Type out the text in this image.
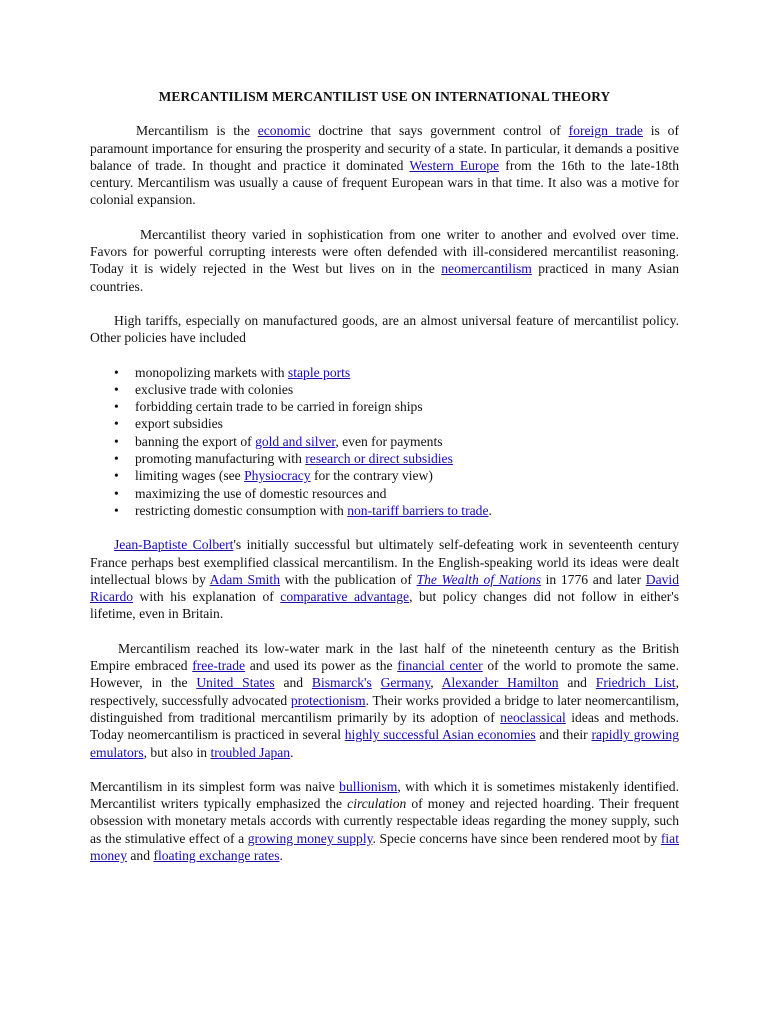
MERCANTILISM MERCANTILIST USE ON INTERNATIONAL THEORY

Mercantilism is the economic doctrine that says government control of foreign trade is of paramount importance for ensuring the prosperity and security of a state. In particular, it demands a positive balance of trade. In thought and practice it dominated Western Europe from the 16th to the late-18th century. Mercantilism was usually a cause of frequent European wars in that time. It also was a motive for colonial expansion.

Mercantilist theory varied in sophistication from one writer to another and evolved over time. Favors for powerful corrupting interests were often defended with ill-considered mercantilist reasoning. Today it is widely rejected in the West but lives on in the neomercantilism practiced in many Asian countries.

High tariffs, especially on manufactured goods, are an almost universal feature of mercantilist policy. Other policies have included

• monopolizing markets with staple ports
• exclusive trade with colonies
• forbidding certain trade to be carried in foreign ships
• export subsidies
• banning the export of gold and silver, even for payments
• promoting manufacturing with research or direct subsidies
• limiting wages (see Physiocracy for the contrary view)
• maximizing the use of domestic resources and
• restricting domestic consumption with non-tariff barriers to trade.

Jean-Baptiste Colbert's initially successful but ultimately self-defeating work in seventeenth century France perhaps best exemplified classical mercantilism. In the English-speaking world its ideas were dealt intellectual blows by Adam Smith with the publication of The Wealth of Nations in 1776 and later David Ricardo with his explanation of comparative advantage, but policy changes did not follow in either's lifetime, even in Britain.

Mercantilism reached its low-water mark in the last half of the nineteenth century as the British Empire embraced free-trade and used its power as the financial center of the world to promote the same. However, in the United States and Bismarck's Germany, Alexander Hamilton and Friedrich List, respectively, successfully advocated protectionism. Their works provided a bridge to later neomercantilism, distinguished from traditional mercantilism primarily by its adoption of neoclassical ideas and methods. Today neomercantilism is practiced in several highly successful Asian economies and their rapidly growing emulators, but also in troubled Japan.

Mercantilism in its simplest form was naive bullionism, with which it is sometimes mistakenly identified. Mercantilist writers typically emphasized the circulation of money and rejected hoarding. Their frequent obsession with monetary metals accords with currently respectable ideas regarding the money supply, such as the stimulative effect of a growing money supply. Specie concerns have since been rendered moot by fiat money and floating exchange rates.
